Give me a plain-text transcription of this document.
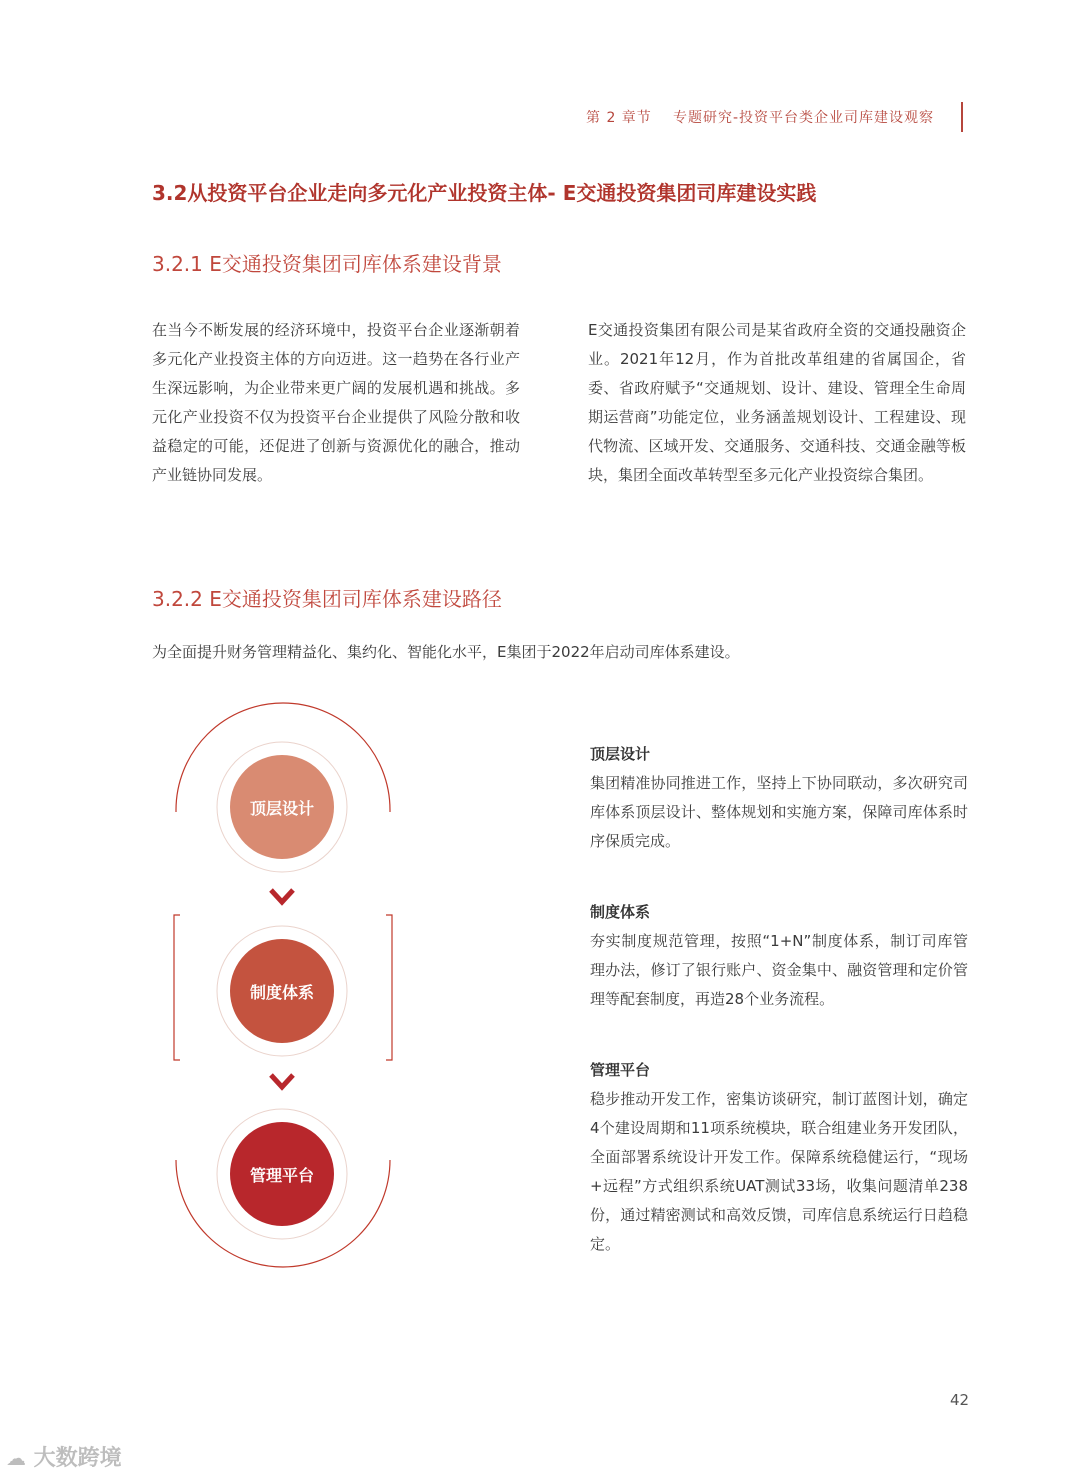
第 2 章节 专题研究-投资平台类企业司库建设观察
3.2从投资平台企业走向多元化产业投资主体- E交通投资集团司库建设实践
3.2.1 E交通投资集团司库体系建设背景
在当今不断发展的经济环境中，投资平台企业逐渐朝着多元化产业投资主体的方向迈进。这一趋势在各行业产生深远影响，为企业带来更广阔的发展机遇和挑战。多元化产业投资不仅为投资平台企业提供了风险分散和收益稳定的可能，还促进了创新与资源优化的融合，推动产业链协同发展。
E交通投资集团有限公司是某省政府全资的交通投融资企业。2021年12月，作为首批改革组建的省属国企，省委、省政府赋予“交通规划、设计、建设、管理全生命周期运营商”功能定位，业务涵盖规划设计、工程建设、现代物流、区域开发、交通服务、交通科技、交通金融等板块，集团全面改革转型至多元化产业投资综合集团。
3.2.2 E交通投资集团司库体系建设路径
为全面提升财务管理精益化、集约化、智能化水平，E集团于2022年启动司库体系建设。
顶层设计
制度体系
管理平台
顶层设计
集团精准协同推进工作，坚持上下协同联动，多次研究司库体系顶层设计、整体规划和实施方案，保障司库体系时序保质完成。
制度体系
夯实制度规范管理，按照“1+N”制度体系，制订司库管理办法，修订了银行账户、资金集中、融资管理和定价管理等配套制度，再造28个业务流程。
管理平台
稳步推动开发工作，密集访谈研究，制订蓝图计划，确定4个建设周期和11项系统模块，联合组建业务开发团队，全面部署系统设计开发工作。保障系统稳健运行，“现场+远程”方式组织系统UAT测试33场，收集问题清单238份，通过精密测试和高效反馈，司库信息系统运行日趋稳定。
42
☁ 大数跨境
